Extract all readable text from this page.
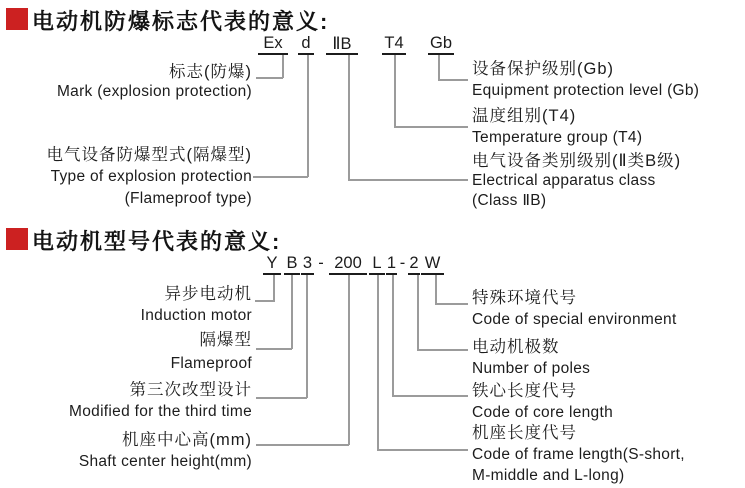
电动机防爆标志代表的意义:
Ex	d	ⅡB	T4 Gb
标志(防爆)
Mark (explosion protection)
电气设备防爆型式(隔爆型)
Type of explosion protection
(Flameproof type)
设备保护级别(Gb)
Equipment protection level (Gb)
温度组别(T4)
Temperature group (T4)
电气设备类别级别(Ⅱ类B级)
Electrical apparatus class
(Class ⅡB)
电动机型号代表的意义:
Y B 3 - 200 L 1 - 2 W
异步电动机
Induction motor
隔爆型
Flameproof
第三次改型设计
Modified for the third time
机座中心高(mm)
Shaft center height(mm)
特殊环境代号
Code of special environment
电动机极数
Number of poles
铁心长度代号
Code of core length
机座长度代号
Code of frame length(S-short,
M-middle and L-long)
